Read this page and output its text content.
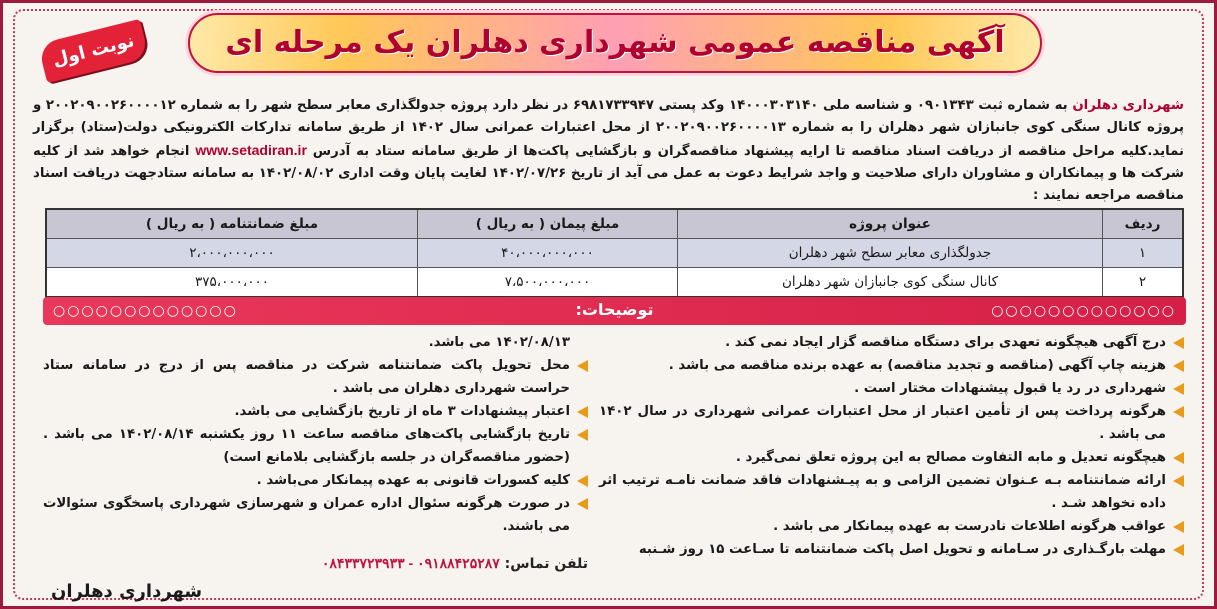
نوبت اول	آگهی مناقصه عمومی شهرداری دهلران یک مرحله ای
شهرداری دهلران به شماره ثبت ۰۹۰۱۳۴۳ و شناسه ملی ۱۴۰۰۰۳۰۳۱۴۰ وکد پستی ۶۹۸۱۷۳۳۹۴۷ در نظر دارد پروژه جدولگذاری معابر سطح شهر را به شماره ۲۰۰۲۰۹۰۰۲۶۰۰۰۰۱۲ و پروژه کانال سنگی کوی جانبازان شهر دهلران را به شماره ۲۰۰۲۰۹۰۰۲۶۰۰۰۰۱۳ از محل اعتبارات عمرانی سال ۱۴۰۲ از طریق سامانه تدارکات الکترونیکی دولت(ستاد) برگزار نماید.کلیه مراحل مناقصه از دریافت اسناد مناقصه تا ارایه پیشنهاد مناقصه‌گران و بازگشایی پاکت‌ها از طریق سامانه ستاد به آدرس www.setadiran.ir انجام خواهد شد از کلیه شرکت ها و پیمانکاران و مشاوران دارای صلاحیت و واجد شرایط دعوت به عمل می آید از تاریخ ۱۴۰۲/۰۷/۲۶ لغایت پایان وقت اداری ۱۴۰۲/۰۸/۰۲ به سامانه ستادجهت دریافت اسناد مناقصه مراجعه نمایند :
ردیف
عنوان پروژه
مبلغ پیمان ( به ریال )
مبلغ ضمانتنامه ( به ریال )
۱
جدولگذاری معابر سطح شهر دهلران
۴۰،۰۰۰،۰۰۰،۰۰۰
۲،۰۰۰،۰۰۰،۰۰۰
۲
کانال سنگی کوی جانبازان شهر دهلران
۷،۵۰۰،۰۰۰،۰۰۰
۳۷۵،۰۰۰،۰۰۰
○○○○○○○○○○○○○	○○○○○○○○○○○○○
توضیحات:
درج آگهی هیچگونه تعهدی برای دستگاه مناقصه گزار ایجاد نمی کند .
هزینه چاپ آگهی (مناقصه و تجدید مناقصه) به عهده برنده مناقصه می باشد .
شهرداری در رد یا قبول پیشنهادات مختار است .
هرگونه پرداخت پس از تأمین اعتبار از محل اعتبارات عمرانی شهرداری در سال ۱۴۰۲ می باشد .
هیچگونه تعدیل و مابه التفاوت مصالح به این پروژه تعلق نمی‌گیرد .
ارائه ضمانتنامه بـه عـنوان تضمین الزامی و به پیـشنهادات فاقد ضمانت نامـه ترتیب اثر داده نخواهد شـد .
عواقب هرگونه اطلاعات نادرست به عهده پیمانکار می باشد .
مهلت بارگـذاری در سـامانه و تحویل اصل پاکت ضمانتنامه تا سـاعت ۱۵ روز شـنبه
۱۴۰۲/۰۸/۱۳ می باشد.
محل تحویل پاکت ضمانتنامه شرکت در مناقصه پس از درج در سامانه ستاد حراست شهرداری دهلران می باشد .
اعتبار پیشنهادات ۳ ماه از تاریخ بازگشایی می باشد.
تاریخ بازگشایی پاکت‌های مناقصه ساعت ۱۱ روز یکشنبه ۱۴۰۲/۰۸/۱۴ می باشد . (حضور مناقصه‌گران در جلسه بازگشایی بلامانع است)
کلیه کسورات قانونی به عهده پیمانکار می‌باشد .
در صورت هرگونه سئوال اداره عمران و شهرسازی شهرداری پاسخگوی سئوالات می باشند.
تلفن تماس: ۰۸۴۳۳۷۲۳۹۳۳ - ۰۹۱۸۸۴۲۵۲۸۷
شهرداری دهلران
